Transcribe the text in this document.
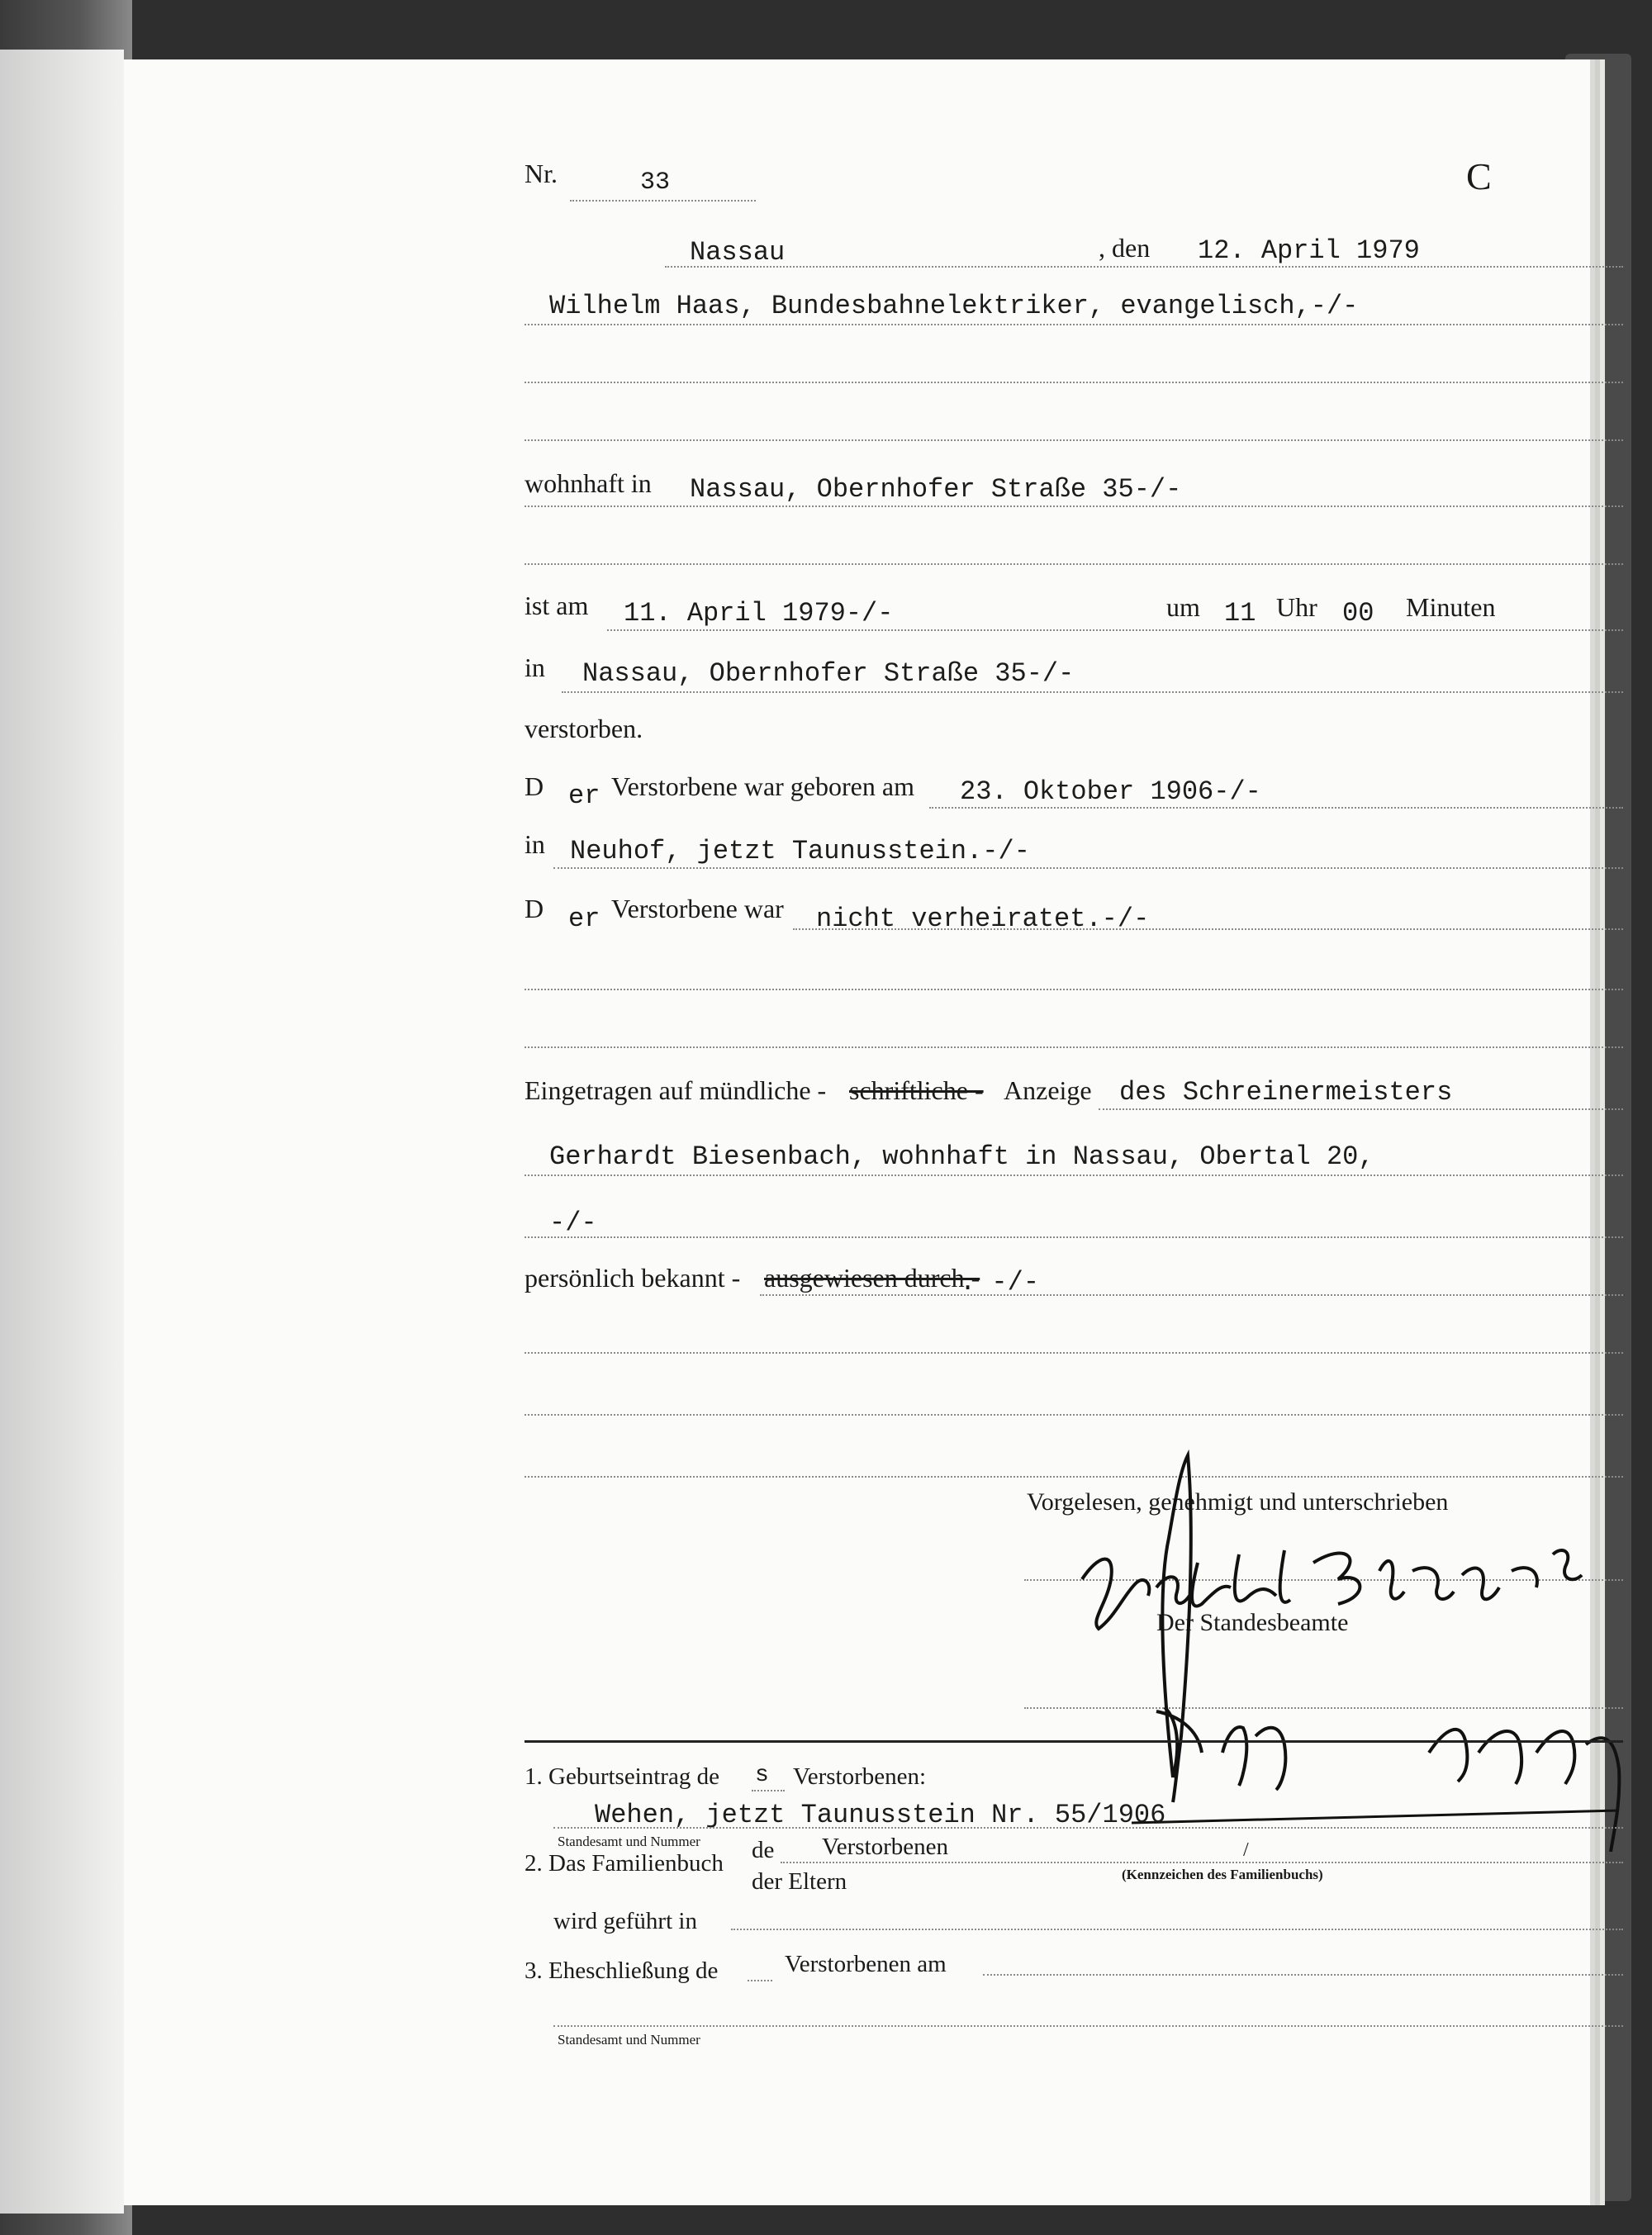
Nr.	33	C
Nassau	, den 12. April 1979
Wilhelm Haas, Bundesbahnelektriker, evangelisch,-/-
wohnhaft in Nassau, Obernhofer Straße 35-/-
ist am 11. April 1979-/-	um 11 Uhr 00 Minuten
in Nassau, Obernhofer Straße 35-/-
verstorben.
D er Verstorbene war geboren am 23. Oktober 1906-/-
in Neuhof, jetzt Taunusstein.-/-
D er Verstorbene war nicht verheiratet.-/-
Eingetragen auf mündliche - schriftliche - Anzeige des Schreinermeisters
Gerhardt Biesenbach, wohnhaft in Nassau, Obertal 20,
-/-
persönlich bekannt - ausgewiesen durch -
. -/-
Vorgelesen, genehmigt und unterschrieben
Der Standesbeamte
1. Geburtseintrag de s Verstorbenen:
Wehen, jetzt Taunusstein Nr. 55/1906
Standesamt und Nummer
2. Das Familienbuch de Verstorbenen	/
(Kennzeichen des Familienbuchs)
der Eltern
wird geführt in
3. Eheschließung de	Verstorbenen am
Standesamt und Nummer
